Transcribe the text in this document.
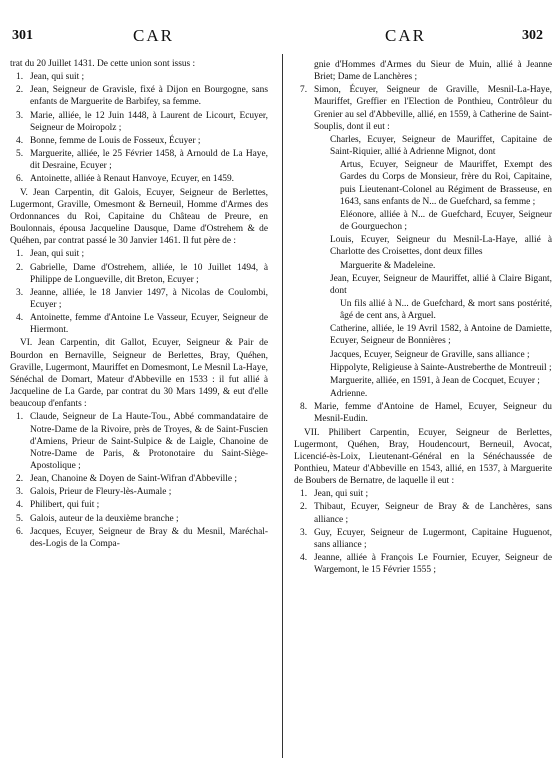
301	CAR	CAR	302
trat du 20 Juillet 1431. De cette union sont issus :
1. Jean, qui suit ;
2. Jean, Seigneur de Gravisle, fixé à Dijon en Bourgogne, sans enfants de Marguerite de Barbifey, sa femme.
3. Marie, alliée, le 12 Juin 1448, à Laurent de Licourt, Ecuyer, Seigneur de Moiropolz ;
4. Bonne, femme de Louis de Fosseux, Écuyer ;
5. Marguerite, alliée, le 25 Février 1458, à Arnould de La Haye, dit Desraine, Ecuyer ;
6. Antoinette, alliée à Renaut Hanvoye, Ecuyer, en 1459.
V. Jean Carpentin, dit Galois, Ecuyer, Seigneur de Berlettes, Lugermont, Graville, Omesmont & Berneuil, Homme d'Armes des Ordonnances du Roi, Capitaine du Château de Preure, en Boulonnais, épousa Jacqueline Dausque, Dame d'Ostrehem & de Quéhen, par contrat passé le 30 Janvier 1461. Il fut père de :
1. Jean, qui suit ;
2. Gabrielle, Dame d'Ostrehem, alliée, le 10 Juillet 1494, à Philippe de Longueville, dit Breton, Ecuyer ;
3. Jeanne, alliée, le 18 Janvier 1497, à Nicolas de Coulombi, Ecuyer ;
4. Antoinette, femme d'Antoine Le Vasseur, Ecuyer, Seigneur de Hiermont.
VI. Jean Carpentin, dit Gallot, Ecuyer, Seigneur & Pair de Bourdon en Bernaville, Seigneur de Berlettes, Bray, Quéhen, Graville, Lugermont, Mauriffet en Domesmont, Le Mesnil La-Haye, Sénéchal de Domart, Mateur d'Abbeville en 1533 : il fut allié à Jacqueline de La Garde, par contrat du 30 Mars 1499, & eut d'elle beaucoup d'enfants :
1. Claude, Seigneur de La Haute-Tou., Abbé commandataire de Notre-Dame de la Rivoire, près de Troyes, & de Saint-Fuscien d'Amiens, Prieur de Saint-Sulpice & de Laigle, Chanoine de Notre-Dame de Paris, & Protonotaire du Saint-Siège-Apostolique ;
2. Jean, Chanoine & Doyen de Saint-Wifran d'Abbeville ;
3. Galois, Prieur de Fleury-lès-Aumale ;
4. Philibert, qui fuit ;
5. Galois, auteur de la deuxième branche ;
6. Jacques, Ecuyer, Seigneur de Bray & du Mesnil, Maréchal-des-Logis de la Compa-
gnie d'Hommes d'Armes du Sieur de Muin, allié à Jeanne Briet; Dame de Lanchères ;
7. Simon, Écuyer, Seigneur de Graville, Mesnil-La-Haye, Mauriffet, Greffier en l'Election de Ponthieu, Contrôleur du Grenier au sel d'Abbeville, allié, en 1559, à Catherine de Saint-Souplis, dont il eut :
Charles, Ecuyer, Seigneur de Mauriffet, Capitaine de Saint-Riquier, allié à Adrienne Mignot, dont
Artus, Ecuyer, Seigneur de Mauriffet, Exempt des Gardes du Corps de Monsieur, frère du Roi, Capitaine, puis Lieutenant-Colonel au Régiment de Brasseuse, en 1643, sans enfants de N... de Guefchard, sa femme ;
Eléonore, alliée à N... de Guefchard, Ecuyer, Seigneur de Gourguechon ;
Louis, Ecuyer, Seigneur du Mesnil-La-Haye, allié à Charlotte des Croisettes, dont deux filles
Marguerite & Madeleine.
Jean, Ecuyer, Seigneur de Mauriffet, allié à Claire Bigant, dont
Un fils allié à N... de Guefchard, & mort sans postérité, âgé de cent ans, à Arguel.
Catherine, alliée, le 19 Avril 1582, à Antoine de Damiette, Ecuyer, Seigneur de Bonnières ;
Jacques, Ecuyer, Seigneur de Graville, sans alliance ;
Hippolyte, Religieuse à Sainte-Austreberthe de Montreuil ;
Marguerite, alliée, en 1591, à Jean de Cocquet, Ecuyer ;
Adrienne.
8. Marie, femme d'Antoine de Hamel, Ecuyer, Seigneur du Mesnil-Eudin.
VII. Philibert Carpentin, Ecuyer, Seigneur de Berlettes, Lugermont, Quéhen, Bray, Houdencourt, Berneuil, Avocat, Licencié-ès-Loix, Lieutenant-Général en la Sénéchaussée de Ponthieu, Mateur d'Abbeville en 1543, allié, en 1537, à Marguerite de Boubers de Bernatre, de laquelle il eut :
1. Jean, qui suit ;
2. Thibaut, Ecuyer, Seigneur de Bray & de Lanchères, sans alliance ;
3. Guy, Ecuyer, Seigneur de Lugermont, Capitaine Huguenot, sans alliance ;
4. Jeanne, alliée à François Le Fournier, Ecuyer, Seigneur de Wargemont, le 15 Février 1555 ;
